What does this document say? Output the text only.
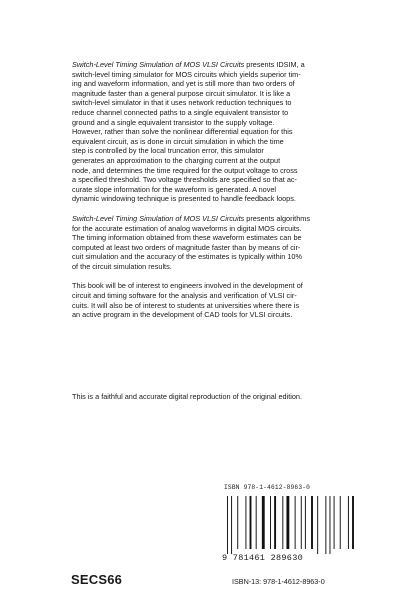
Switch-Level Timing Simulation of MOS VLSI Circuits presents IDSIM, a
switch-level timing simulator for MOS circuits which yields superior tim-
ing and waveform information, and yet is still more than two orders of
magnitude faster than a general purpose circuit simulator. It is like a
switch-level simulator in that it uses network reduction techniques to
reduce channel connected paths to a single equivalent transistor to
ground and a single equivalent transistor to the supply voltage.
However, rather than solve the nonlinear differential equation for this
equivalent circuit, as is done in circuit simulation in which the time
step is controlled by the local truncation error, this simulator
generates an approximation to the charging current at the output
node, and determines the time required for the output voltage to cross
a specified threshold. Two voltage thresholds are specified so that ac-
curate slope information for the waveform is generated. A novel
dynamic windowing technique is presented to handle feedback loops.

Switch-Level Timing Simulation of MOS VLSI Circuits presents algorithms
for the accurate estimation of analog waveforms in digital MOS circuits.
The timing information obtained from these waveform estimates can be
computed at least two orders of magnitude faster than by means of cir-
cuit simulation and the accuracy of the estimates is typically within 10%
of the circuit simulation results.

This book will be of interest to engineers involved in the development of
circuit and timing software for the analysis and verification of VLSI cir-
cuits. It will also be of interest to students at universities where there is
an active program in the development of CAD tools for VLSI circuits.

This is a faithful and accurate digital reproduction of the original edition.
ISBN 978-1-4612-8963-0
9 781461 289630
SECS66	ISBN-13: 978-1-4612-8963-0
